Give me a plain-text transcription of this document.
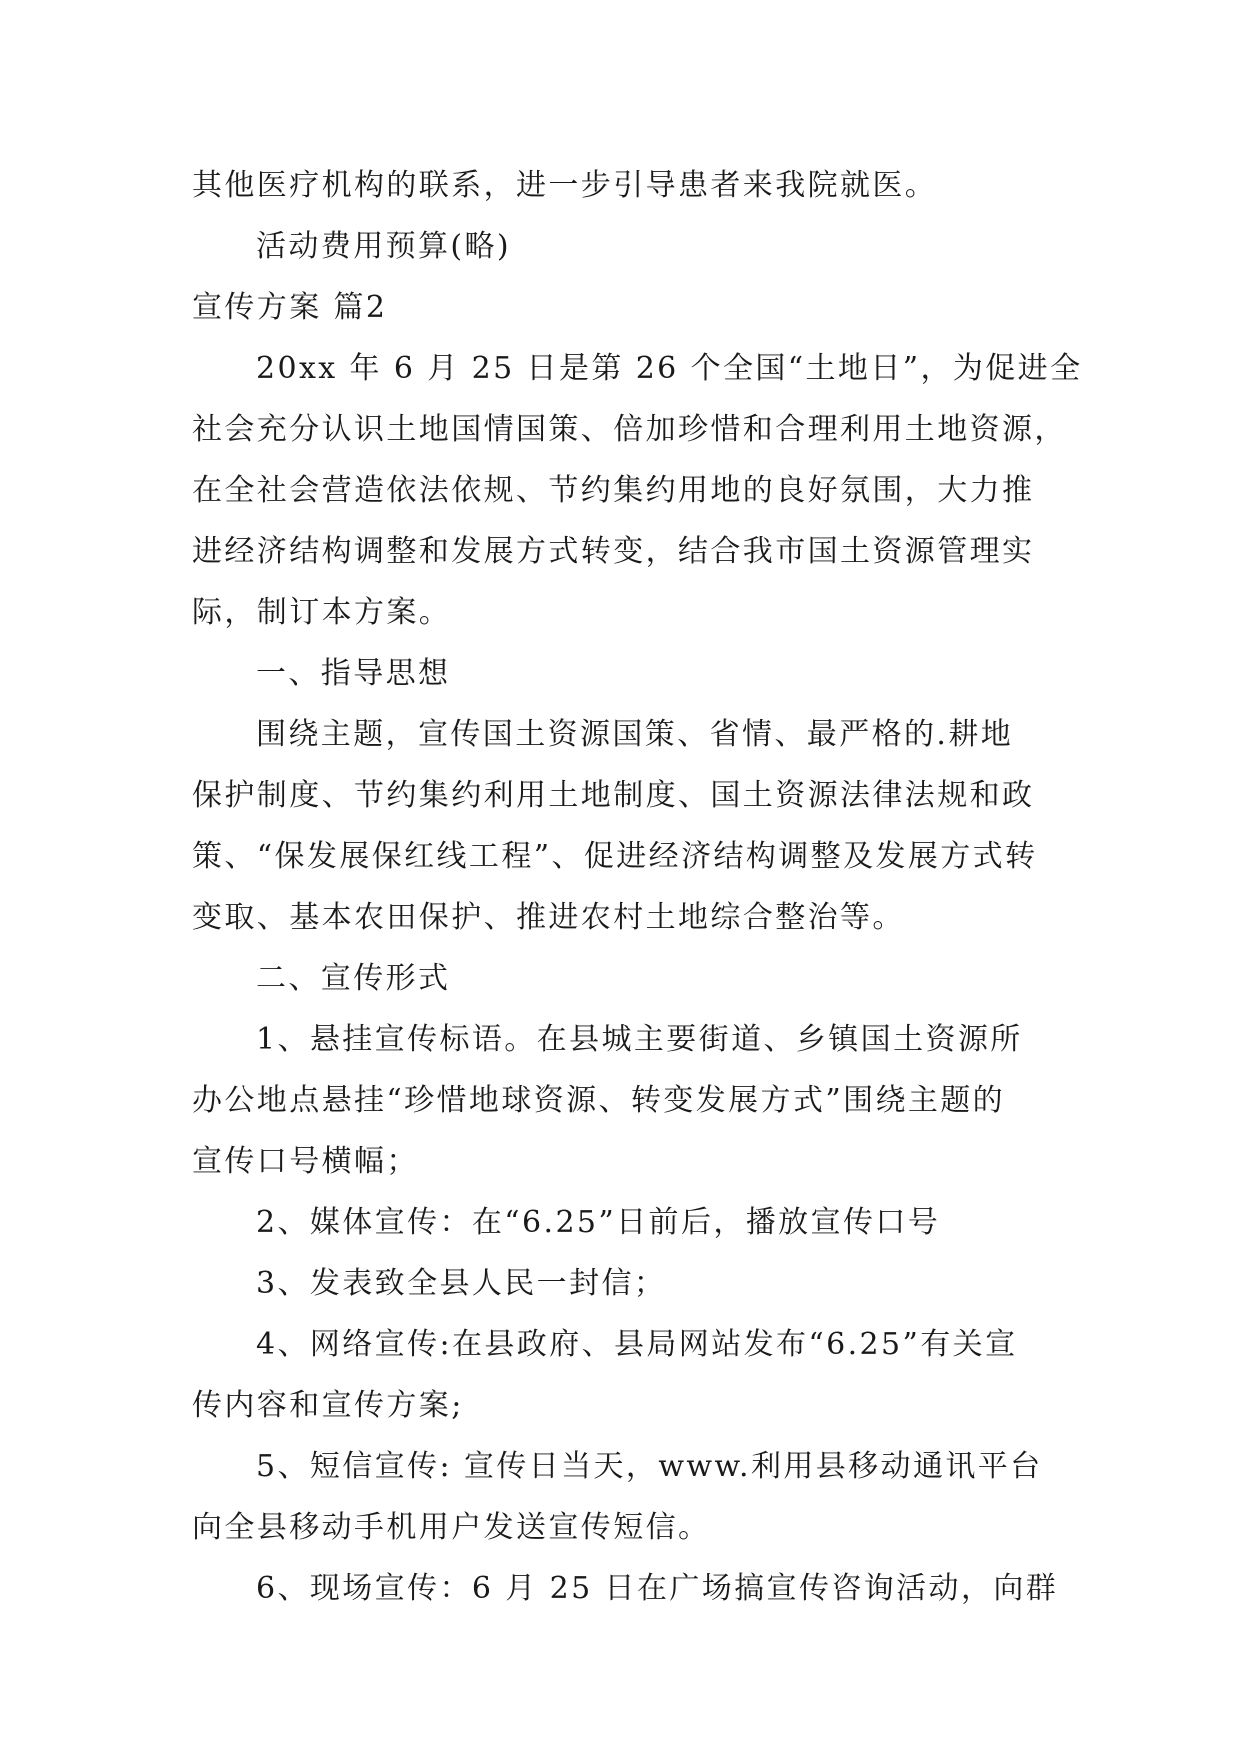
其他医疗机构的联系，进一步引导患者来我院就医。
活动费用预算(略)
宣传方案 篇2
20xx 年 6 月 25 日是第 26 个全国“土地日”，为促进全
社会充分认识土地国情国策、倍加珍惜和合理利用土地资源，
在全社会营造依法依规、节约集约用地的良好氛围，大力推
进经济结构调整和发展方式转变，结合我市国土资源管理实
际，制订本方案。
一、指导思想
围绕主题，宣传国土资源国策、省情、最严格的.耕地
保护制度、节约集约利用土地制度、国土资源法律法规和政
策、“保发展保红线工程”、促进经济结构调整及发展方式转
变取、基本农田保护、推进农村土地综合整治等。
二、宣传形式
1、悬挂宣传标语。在县城主要街道、乡镇国土资源所
办公地点悬挂“珍惜地球资源、转变发展方式”围绕主题的
宣传口号横幅；
2、媒体宣传：在“6.25”日前后，播放宣传口号
3、发表致全县人民一封信；
4、网络宣传:在县政府、县局网站发布“6.25”有关宣
传内容和宣传方案;
5、短信宣传: 宣传日当天，www.利用县移动通讯平台
向全县移动手机用户发送宣传短信。
6、现场宣传：6 月 25 日在广场搞宣传咨询活动，向群
